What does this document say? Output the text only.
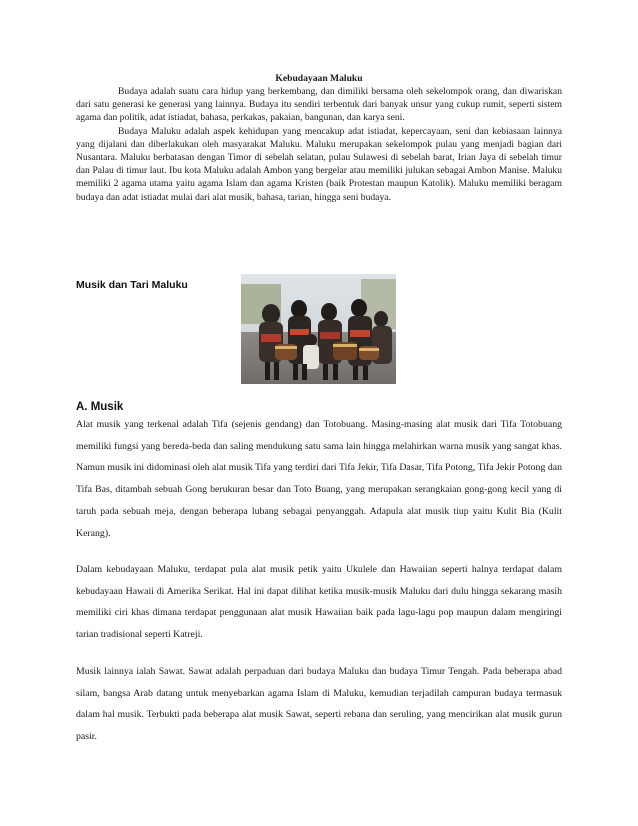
Kebudayaan Maluku

Budaya adalah suatu cara hidup yang berkembang, dan dimiliki bersama oleh sekelompok orang, dan diwariskan dari satu generasi ke generasi yang lainnya. Budaya itu sendiri terbentuk dari banyak unsur yang cukup rumit, seperti sistem agama dan politik, adat istiadat, bahasa, perkakas, pakaian, bangunan, dan karya seni.

Budaya Maluku adalah aspek kehidupan yang mencakup adat istiadat, kepercayaan, seni dan kebiasaan lainnya yang dijalani dan diberlakukan oleh masyarakat Maluku. Maluku merupakan sekelompok pulau yang menjadi bagian dari Nusantara. Maluku berbatasan dengan Timor di sebelah selatan, pulau Sulawesi di sebelah barat, Irian Jaya di sebelah timur dan Palau di timur laut. Ibu kota Maluku adalah Ambon yang bergelar atau memiliki julukan sebagai Ambon Manise. Maluku memiliki 2 agama utama yaitu agama Islam dan agama Kristen (baik Protestan maupun Katolik). Maluku memiliki beragam budaya dan adat istiadat mulai dari alat musik, bahasa, tarian, hingga seni budaya.

Musik dan Tari Maluku
A. Musik

Alat musik yang terkenal adalah Tifa (sejenis gendang) dan Totobuang. Masing-masing alat musik dari Tifa Totobuang memiliki fungsi yang bereda-beda dan saling mendukung satu sama lain hingga melahirkan warna musik yang sangat khas. Namun musik ini didominasi oleh alat musik Tifa yang terdiri dari Tifa Jekir, Tifa Dasar, Tifa Potong, Tifa Jekir Potong dan Tifa Bas, ditambah sebuah Gong berukuran besar dan Toto Buang, yang merupakan serangkaian gong-gong kecil yang di taruh pada sebuah meja, dengan beberapa lubang sebagai penyanggah. Adapula alat musik tiup yaitu Kulit Bia (Kulit Kerang).

Dalam kebudayaan Maluku, terdapat pula alat musik petik yaitu Ukulele dan Hawaiian seperti halnya terdapat dalam kebudayaan Hawaii di Amerika Serikat. Hal ini dapat dilihat ketika musik-musik Maluku dari dulu hingga sekarang masih memiliki ciri khas dimana terdapat penggunaan alat musik Hawaiian baik pada lagu-lagu pop maupun dalam mengiringi tarian tradisional seperti Katreji.

Musik lainnya ialah Sawat. Sawat adalah perpaduan dari budaya Maluku dan budaya Timur Tengah. Pada beberapa abad silam, bangsa Arab datang untuk menyebarkan agama Islam di Maluku, kemudian terjadilah campuran budaya termasuk dalam hal musik. Terbukti pada beberapa alat musik Sawat, seperti rebana dan seruling, yang mencirikan alat musik gurun pasir.
